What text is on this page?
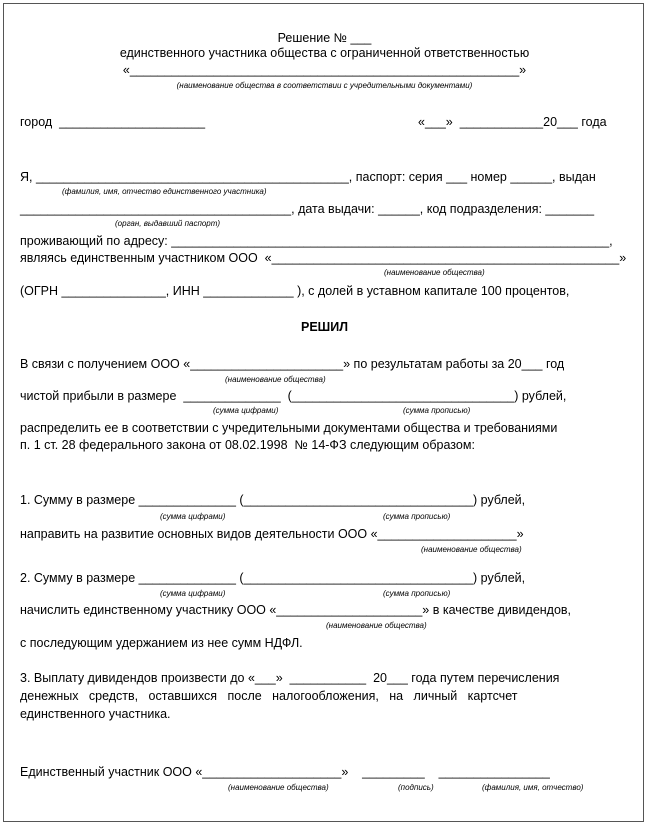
Решение № ___
единственного участника общества с ограниченной ответственностью
«________________________________________________________»
(наименование общества в соответствии с учредительными документами)
город  _____________________	«___»  ____________20___ года
Я, _____________________________________________, паспорт: серия ___ номер ______, выдан
(фамилия, имя, отчество единственного участника)
_______________________________________, дата выдачи: ______, код подразделения: _______
(орган, выдавший паспорт)
проживающий по адресу: _______________________________________________________________,
являясь единственным участником ООО  «__________________________________________________»
(наименование общества)
(ОГРН _______________, ИНН _____________ ), с долей в уставном капитале 100 процентов,
РЕШИЛ
В связи с получением ООО «______________________» по результатам работы за 20___ год
(наименование общества)
чистой прибыли в размере  ______________  (________________________________) рублей,
(сумма цифрами)	(сумма прописью)
распределить ее в соответствии с учредительными документами общества и требованиями
п. 1 ст. 28 федерального закона от 08.02.1998  № 14-ФЗ следующим образом:
1. Сумму в размере ______________ (_________________________________) рублей,
(сумма цифрами)	(сумма прописью)
направить на развитие основных видов деятельности ООО «____________________»
(наименование общества)
2. Сумму в размере ______________ (_________________________________) рублей,
(сумма цифрами)	(сумма прописью)
начислить единственному участнику ООО «_____________________» в качестве дивидендов,
(наименование общества)
с последующим удержанием из нее сумм НДФЛ.
3. Выплату дивидендов произвести до «___»  ___________  20___ года путем перечисления
денежных   средств,   оставшихся   после   налогообложения,   на   личный   картсчет
единственного участника.
Единственный участник ООО «____________________»    _________    ________________
(наименование общества)	(подпись)	(фамилия, имя, отчество)
